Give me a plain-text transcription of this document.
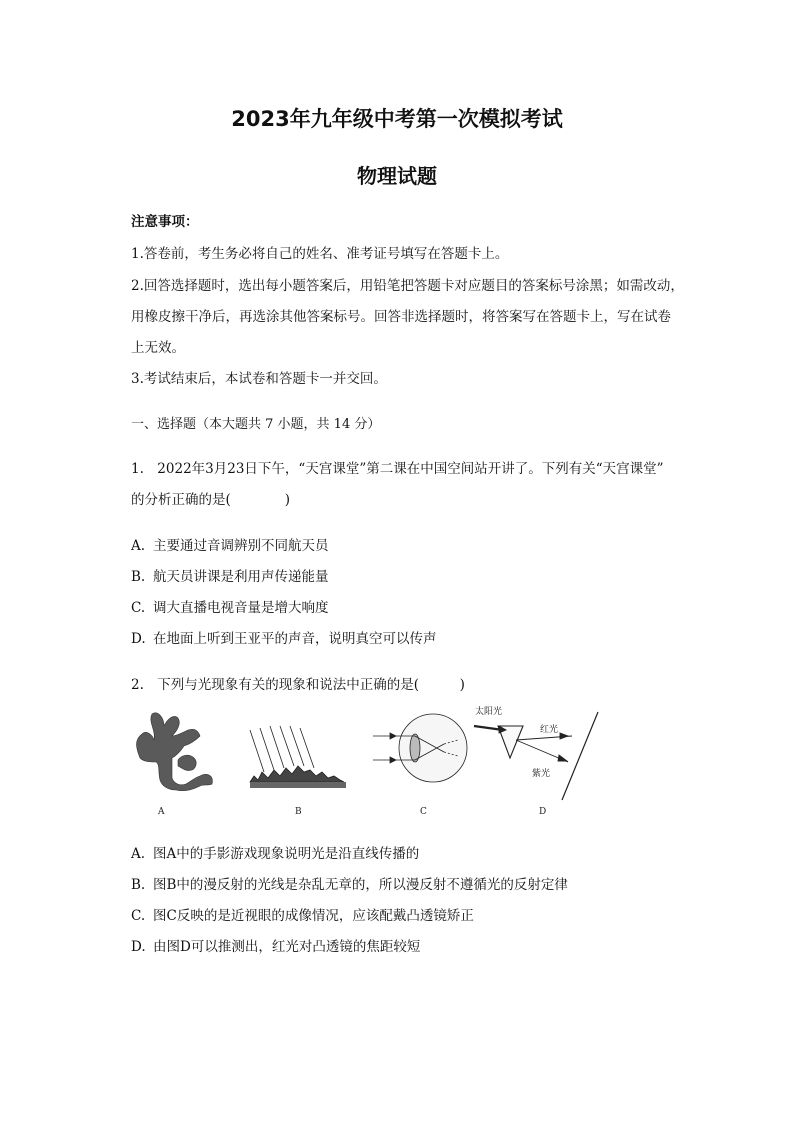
2023年九年级中考第一次模拟考试
物理试题
注意事项：
1.答卷前，考生务必将自己的姓名、准考证号填写在答题卡上。
2.回答选择题时，选出每小题答案后，用铅笔把答题卡对应题目的答案标号涂黑；如需改动，
用橡皮擦干净后，再选涂其他答案标号。回答非选择题时，将答案写在答题卡上，写在试卷
上无效。
3.考试结束后，本试卷和答题卡一并交回。
一、选择题（本大题共 7 小题，共 14 分）
1. 2022年3月23日下午，“天宫课堂”第二课在中国空间站开讲了。下列有关“天宫课堂”
的分析正确的是(　　　　)
A. 主要通过音调辨别不同航天员
B. 航天员讲课是利用声传递能量
C. 调大直播电视音量是增大响度
D. 在地面上听到王亚平的声音，说明真空可以传声
2. 下列与光现象有关的现象和说法中正确的是(　　　)
太阳光
红光
紫光
A	B	C	D
A. 图A中的手影游戏现象说明光是沿直线传播的
B. 图B中的漫反射的光线是杂乱无章的，所以漫反射不遵循光的反射定律
C. 图C反映的是近视眼的成像情况，应该配戴凸透镜矫正
D. 由图D可以推测出，红光对凸透镜的焦距较短
